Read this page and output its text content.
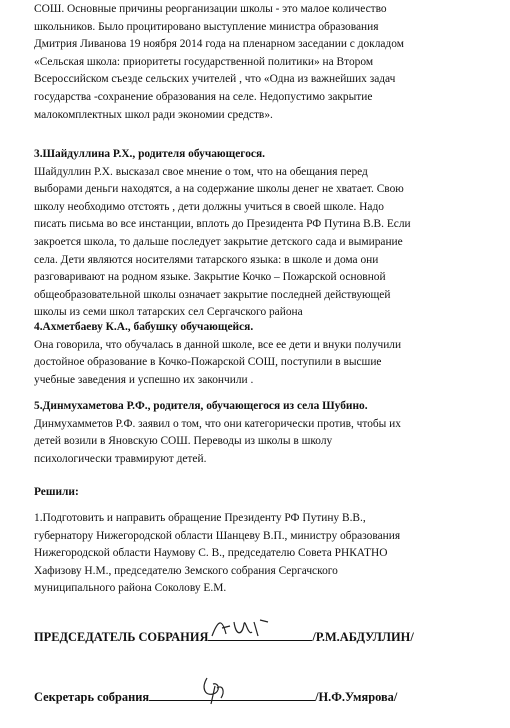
СОШ. Основные причины реорганизации школы - это малое количество
школьников. Было процитировано выступление министра образования
Дмитрия Ливанова 19 ноября 2014 года на пленарном заседании с докладом
«Сельская школа: приоритеты государственной политики» на Втором
Всероссийском съезде сельских учителей , что «Одна из важнейших задач
государства -сохранение образования на селе. Недопустимо закрытие
малокомплектных школ ради экономии средств».
3.Шайдуллина Р.Х., родителя обучающегося.
Шайдуллин Р.Х. высказал свое мнение о том, что на обещания перед
выборами деньги находятся, а на содержание школы денег не хватает. Свою
школу необходимо отстоять , дети должны учиться в своей школе. Надо
писать письма во все инстанции, вплоть до Президента РФ Путина В.В. Если
закроется школа, то дальше последует закрытие детского сада и вымирание
села. Дети являются носителями татарского языка: в школе и дома они
разговаривают на родном языке. Закрытие Кочко – Пожарской основной
общеобразовательной школы означает закрытие последней действующей
школы из семи школ татарских сел Сергачского района
4.Ахметбаеву К.А., бабушку обучающейся.
Она говорила, что обучалась в данной школе, все ее дети и внуки получили
достойное образование в Кочко-Пожарской СОШ, поступили в высшие
учебные заведения и успешно их закончили .
5.Динмухаметова Р.Ф., родителя, обучающегося из села Шубино.
Динмухамметов Р.Ф. заявил о том, что они категорически против, чтобы их
детей возили в Яновскую СОШ. Переводы из школы в школу
психологически травмируют детей.
Решили:
1.Подготовить и направить обращение Президенту РФ Путину В.В.,
губернатору Нижегородской области Шанцеву В.П., министру образования
Нижегородской области Наумову С. В., председателю Совета РНКАТНО
Хафизову Н.М., председателю Земского собрания Сергачского
муниципального района Соколову Е.М.
ПРЕДСЕДАТЕЛЬ СОБРАНИЯ	/Р.М.АБДУЛЛИН/
Секретарь собрания	/Н.Ф.Умярова/
